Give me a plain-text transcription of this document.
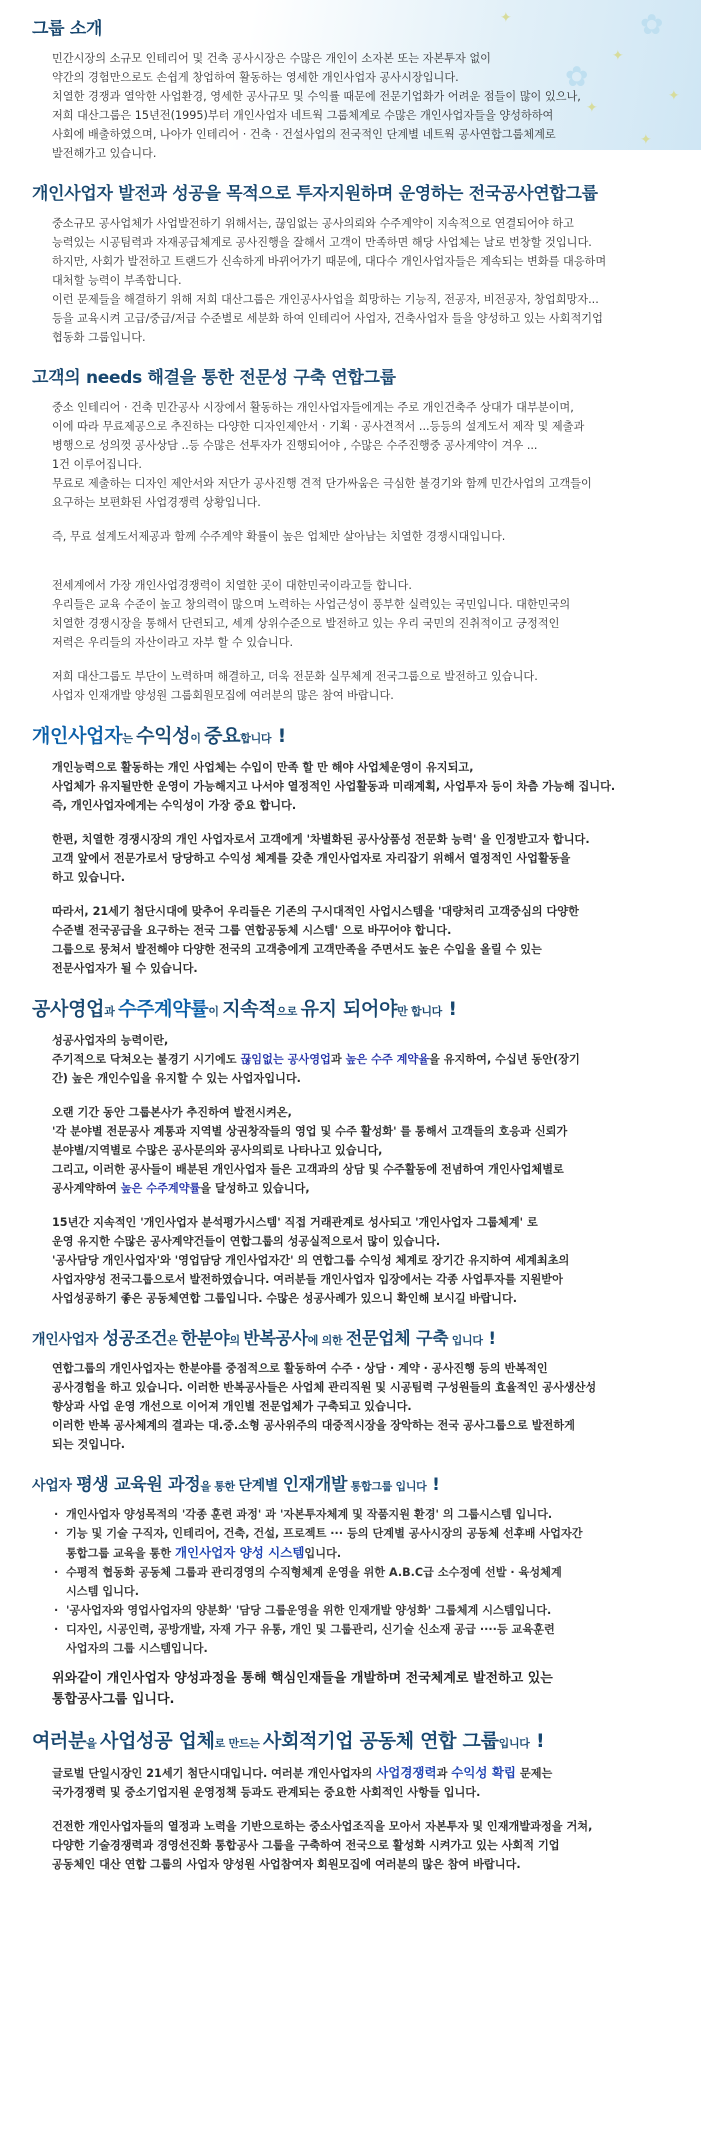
✿
✿
✦
✦
✦
✦
✦
그룹 소개

민간시장의 소규모 인테리어 및 건축 공사시장은 수많은 개인이 소자본 또는 자본투자 없이

약간의 경험만으로도 손쉽게 창업하여 활동하는 영세한 개인사업자 공사시장입니다.

치열한 경쟁과 열악한 사업환경, 영세한 공사규모 및 수익률 때문에 전문기업화가 어려운 점들이 많이 있으나,

저희 대산그룹은 15년전(1995)부터 개인사업자 네트웍 그룹체계로 수많은 개인사업자들을 양성하하여

사회에 배출하였으며, 나아가 인테리어 · 건축 · 건설사업의 전국적인 단계별 네트웍 공사연합그룹체계로

발전해가고 있습니다.

개인사업자 발전과 성공을 목적으로 투자지원하며 운영하는 전국공사연합그룹

중소규모 공사업체가 사업발전하기 위해서는, 끊임없는 공사의뢰와 수주계약이 지속적으로 연결되어야 하고

능력있는 시공팀력과 자재공급체계로 공사진행을 잘해서 고객이 만족하면 해당 사업체는 날로 번창할 것입니다.

하지만, 사회가 발전하고 트랜드가 신속하게 바뀌어가기 때문에, 대다수 개인사업자들은 계속되는 변화를 대응하며

대처할 능력이 부족합니다.

이런 문제들을 해결하기 위해 저희 대산그룹은 개인공사사업을 희망하는 기능직, 전공자, 비전공자, 창업희망자...

등을 교육시켜 고급/중급/저급 수준별로 세분화 하여 인테리어 사업자, 건축사업자 들을 양성하고 있는 사회적기업

협동화 그룹입니다.

고객의 needs 해결을 통한 전문성 구축 연합그룹

중소 인테리어 · 건축 민간공사 시장에서 활동하는 개인사업자들에게는 주로 개인건축주 상대가 대부분이며,

이에 따라 무료제공으로 추진하는 다양한 디자인제안서 · 기획 · 공사견적서 ...등등의 설계도서 제작 및 제출과

병행으로 성의껏 공사상담 ..등 수많은 선투자가 진행되어야 , 수많은 수주진행중 공사계약이 겨우 ...

1건 이루어집니다.

무료로 제출하는 디자인 제안서와 저단가 공사진행 견적 단가싸움은 극심한 불경기와 함께 민간사업의 고객들이

요구하는 보편화된 사업경쟁력 상황입니다.

즉, 무료 설계도서제공과 함께 수주계약 확률이 높은 업체만 살아남는 치열한 경쟁시대입니다.

전세계에서 가장 개인사업경쟁력이 치열한 곳이 대한민국이라고들 합니다.

우리들은 교육 수준이 높고 창의력이 많으며 노력하는 사업근성이 풍부한 실력있는 국민입니다. 대한민국의

치열한 경쟁시장을 통해서 단련되고, 세계 상위수준으로 발전하고 있는 우리 국민의 진취적이고 긍정적인

저력은 우리들의 자산이라고 자부 할 수 있습니다.

저희 대산그룹도 부단이 노력하며 해결하고, 더욱 전문화 실무체계 전국그룹으로 발전하고 있습니다.

사업자 인재개발 양성원 그룹회원모집에 여러분의 많은 참여 바랍니다.

개인사업자는 수익성이 중요합니다 !

개인능력으로 활동하는 개인 사업체는 수입이 만족 할 만 해야 사업체운영이 유지되고,

사업체가 유지될만한 운영이 가능해지고 나서야 열정적인 사업활동과 미래계획, 사업투자 등이 차츰 가능해 집니다.

즉, 개인사업자에게는 수익성이 가장 중요 합니다.

한편, 치열한 경쟁시장의 개인 사업자로서 고객에게 '차별화된 공사상품성 전문화 능력' 을 인정받고자 합니다.

고객 앞에서 전문가로서 당당하고 수익성 체계를 갖춘 개인사업자로 자리잡기 위해서 열정적인 사업활동을

하고 있습니다.

따라서, 21세기 첨단시대에 맞추어 우리들은 기존의 구시대적인 사업시스템을 '대량처리 고객중심의 다양한

수준별 전국공급을 요구하는 전국 그룹 연합공동체 시스템' 으로 바꾸어야 합니다.

그룹으로 뭉쳐서 발전해야 다양한 전국의 고객층에게 고객만족을 주면서도 높은 수입을 올릴 수 있는

전문사업자가 될 수 있습니다.

공사영업과 수주계약률이 지속적으로 유지 되어야만 합니다 !

성공사업자의 능력이란,

주기적으로 닥쳐오는 불경기 시기에도 끊임없는 공사영업과 높은 수주 계약율을 유지하여, 수십년 동안(장기

간) 높은 개인수입을 유지할 수 있는 사업자입니다.

오랜 기간 동안 그룹본사가 추진하여 발전시켜온,

'각 분야별 전문공사 계통과 지역별 상권창작들의 영업 및 수주 활성화' 를 통해서 고객들의 호응과 신뢰가

분야별/지역별로 수많은 공사문의와 공사의뢰로 나타나고 있습니다,

그리고, 이러한 공사들이 배분된 개인사업자 들은 고객과의 상담 및 수주활동에 전념하여 개인사업체별로

공사계약하여 높은 수주계약률을 달성하고 있습니다,

15년간 지속적인 '개인사업자 분석평가시스템' 직접 거래관계로 성사되고 '개인사업자 그룹체계' 로

운영 유지한 수많은 공사계약건들이 연합그룹의 성공실적으로서 많이 있습니다.

'공사담당 개인사업자'와 '영업담당 개인사업자간' 의 연합그룹 수익성 체계로 장기간 유지하여 세계최초의

사업자양성 전국그룹으로서 발전하였습니다. 여러분들 개인사업자 입장에서는 각종 사업투자를 지원받아

사업성공하기 좋은 공동체연합 그룹입니다. 수많은 성공사례가 있으니 확인해 보시길 바랍니다.

개인사업자 성공조건은 한분야의 반복공사에 의한 전문업체 구축 입니다 !

연합그룹의 개인사업자는 한분야를 중점적으로 활동하여 수주 · 상담 · 계약 · 공사진행 등의 반복적인

공사경험을 하고 있습니다. 이러한 반복공사들은 사업체 관리직원 및 시공팀력 구성원들의 효율적인 공사생산성

향상과 사업 운영 개선으로 이어져 개인별 전문업체가 구축되고 있습니다.

이러한 반복 공사체계의 결과는 대.중.소형 공사위주의 대중적시장을 장악하는 전국 공사그룹으로 발전하게

되는 것입니다.

사업자 평생 교육원 과정을 통한 단계별 인재개발 통합그룹 입니다 !
· 개인사업자 양성목적의 '각종 훈련 과정' 과 '자본투자체계 및 작품지원 환경' 의 그룹시스템 입니다.
· 기능 및 기술 구직자, 인테리어, 건축, 건설, 프로젝트 ··· 등의 단계별 공사시장의 공동체 선후배 사업자간
통합그룹 교육을 통한 개인사업자 양성 시스템입니다.
· 수평적 협동화 공동체 그룹과 관리경영의 수직형체계 운영을 위한 A.B.C급 소수정예 선발 · 육성체계
시스템 입니다.
· '공사업자와 영업사업자의 양분화' '담당 그룹운영을 위한 인재개발 양성화' 그룹체계 시스템입니다.
· 디자인, 시공인력, 공방개발, 자재 가구 유통, 개인 및 그룹관리, 신기술 신소재 공급 ····등 교육훈련
사업자의 그룹 시스템입니다.

위와같이 개인사업자 양성과정을 통해 핵심인재들을 개발하며 전국체계로 발전하고 있는

통합공사그룹 입니다.

여러분을 사업성공 업체로 만드는 사회적기업 공동체 연합 그룹입니다 !

글로벌 단일시장인 21세기 첨단시대입니다. 여러분 개인사업자의 사업경쟁력과 수익성 확립 문제는

국가경쟁력 및 중소기업지원 운영정책 등과도 관계되는 중요한 사회적인 사항들 입니다.

건전한 개인사업자들의 열정과 노력을 기반으로하는 중소사업조직을 모아서 자본투자 및 인재개발과정을 거쳐,

다양한 기술경쟁력과 경영선진화 통합공사 그룹을 구축하여 전국으로 활성화 시켜가고 있는 사회적 기업

공동체인 대산 연합 그룹의 사업자 양성원 사업참여자 회원모집에 여러분의 많은 참여 바랍니다.
